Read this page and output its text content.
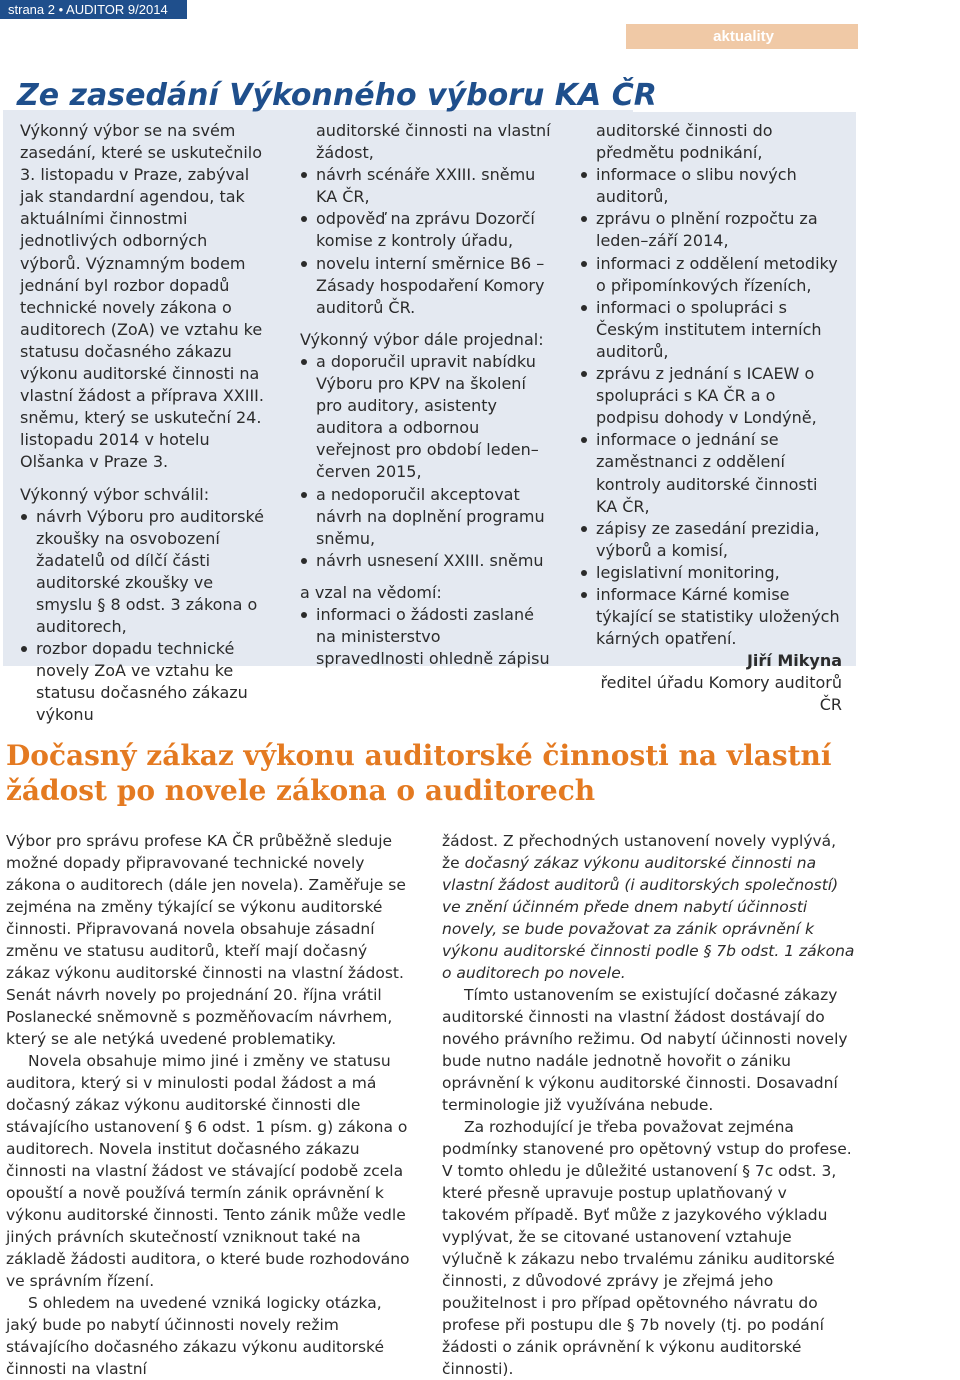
strana 2 • AUDITOR 9/2014
aktuality
Ze zasedání Výkonného výboru KA ČR

Výkonný výbor se na svém zasedání, které se uskutečnilo 3. listopadu v Praze, zabýval jak standardní agendou, tak aktuálními činnostmi jednotlivých odborných výborů. Významným bodem jednání byl rozbor dopadů technické novely zákona o auditorech (ZoA) ve vztahu ke statusu dočasného zákazu výkonu auditorské činnosti na vlastní žádost a příprava XXIII. sněmu, který se uskuteční 24. listopadu 2014 v hotelu Olšanka v Praze 3.

Výkonný výbor schválil:

návrh Výboru pro auditorské zkoušky na osvobození žadatelů od dílčí části auditorské zkoušky ve smyslu § 8 odst. 3 zákona o auditorech,
rozbor dopadu technické novely ZoA ve vztahu ke statusu dočasného zákazu výkonu

auditorské činnosti na vlastní žádost,

návrh scénáře XXIII. sněmu KA ČR,
odpověď na zprávu Dozorčí komise z kontroly úřadu,
novelu interní směrnice B6 – Zásady hospodaření Komory auditorů ČR.

Výkonný výbor dále projednal:

a doporučil upravit nabídku Výboru pro KPV na školení pro auditory, asistenty auditora a odbornou veřejnost pro období leden–červen 2015,
a nedoporučil akceptovat návrh na doplnění programu sněmu,
návrh usnesení XXIII. sněmu

a vzal na vědomí:

informaci o žádosti zaslané na ministerstvo spravedlnosti ohledně zápisu

auditorské činnosti do předmětu podnikání,

informace o slibu nových auditorů,
zprávu o plnění rozpočtu za leden–září 2014,
informaci z oddělení metodiky o připomínkových řízeních,
informaci o spolupráci s Českým institutem interních auditorů,
zprávu z jednání s ICAEW o spolupráci s KA ČR a o podpisu dohody v Londýně,
informace o jednání se zaměstnanci z oddělení kontroly auditorské činnosti KA ČR,
zápisy ze zasedání prezidia, výborů a komisí,
legislativní monitoring,
informace Kárné komise týkající se statistiky uložených kárných opatření.

Jiří Mikyna

ředitel úřadu Komory auditorů ČR

Dočasný zákaz výkonu auditorské činnosti na vlastní žádost po novele zákona o auditorech

Výbor pro správu profese KA ČR průběžně sleduje možné dopady připravované technické novely zákona o auditorech (dále jen novela). Zaměřuje se zejména na změny týkající se výkonu auditorské činnosti. Připravovaná novela obsahuje zásadní změnu ve statusu auditorů, kteří mají dočasný zákaz výkonu auditorské činnosti na vlastní žádost. Senát návrh novely po projednání 20. října vrátil Poslanecké sněmovně s pozměňovacím návrhem, který se ale netýká uvedené problematiky.

Novela obsahuje mimo jiné i změny ve statusu auditora, který si v minulosti podal žádost a má dočasný zákaz výkonu auditorské činnosti dle stávajícího ustanovení § 6 odst. 1 písm. g) zákona o auditorech. Novela institut dočasného zákazu činnosti na vlastní žádost ve stávající podobě zcela opouští a nově používá termín zánik oprávnění k výkonu auditorské činnosti. Tento zánik může vedle jiných právních skutečností vzniknout také na základě žádosti auditora, o které bude rozhodováno ve správním řízení.

S ohledem na uvedené vzniká logicky otázka, jaký bude po nabytí účinnosti novely režim stávajícího dočasného zákazu výkonu auditorské činnosti na vlastní

žádost. Z přechodných ustanovení novely vyplývá, že dočasný zákaz výkonu auditorské činnosti na vlastní žádost auditorů (i auditorských společností) ve znění účinném přede dnem nabytí účinnosti novely, se bude považovat za zánik oprávnění k výkonu auditorské činnosti podle § 7b odst. 1 zákona o auditorech po novele.

Tímto ustanovením se existující dočasné zákazy auditorské činnosti na vlastní žádost dostávají do nového právního režimu. Od nabytí účinnosti novely bude nutno nadále jednotně hovořit o zániku oprávnění k výkonu auditorské činnosti. Dosavadní terminologie již využívána nebude.

Za rozhodující je třeba považovat zejména podmínky stanovené pro opětovný vstup do profese. V tomto ohledu je důležité ustanovení § 7c odst. 3, které přesně upravuje postup uplatňovaný v takovém případě. Byť může z jazykového výkladu vyplývat, že se citované ustanovení vztahuje výlučně k zákazu nebo trvalému zániku auditorské činnosti, z důvodové zprávy je zřejmá jeho použitelnost i pro případ opětovného návratu do profese při postupu dle § 7b novely (tj. po podání žádosti o zánik oprávnění k výkonu auditorské činnosti).
